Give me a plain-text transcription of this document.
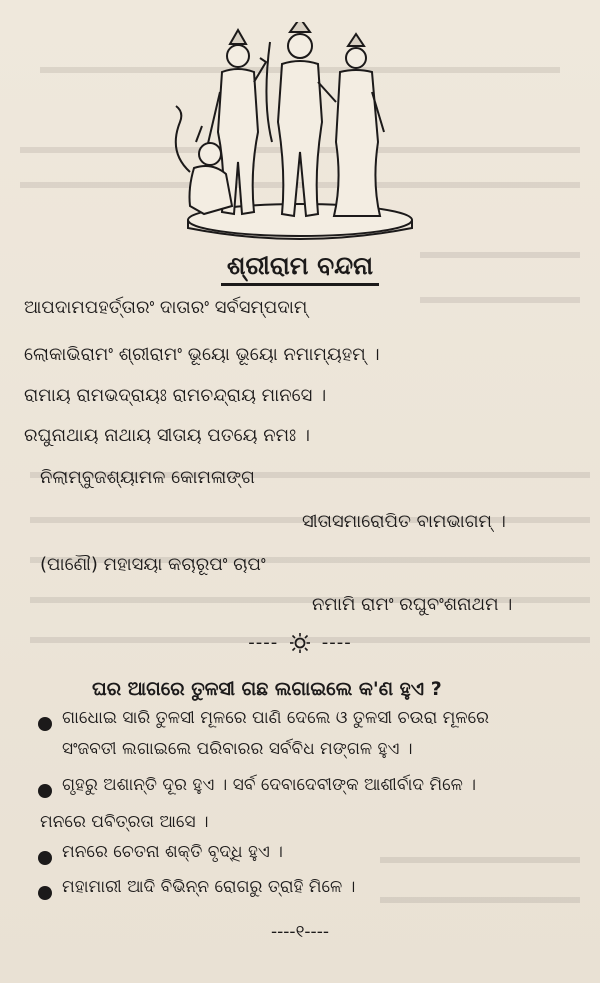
ଶ୍ରୀରାମ ବନ୍ଦନା
ଆପଦାମପହର୍ତ୍ତାରଂ ଦାତାରଂ ସର୍ବସମ୍ପଦାମ୍
ଲୋକାଭିରାମଂ ଶ୍ରୀରାମଂ ଭୂୟୋ ଭୂୟୋ ନମାମ୍ୟହମ୍ ।
ରାମାୟ ରାମଭଦ୍ରାୟଃ ରାମଚନ୍ଦ୍ରାୟ ମାନସେ ।
ରଘୁନାଥାୟ ନାଥାୟ ସୀତାୟ ପତୟେ ନମଃ ।
ନିଲାମ୍ବୁଜଶ୍ୟାମଳ କୋମଳାଙ୍ଗ
ସୀତାସମାରୋପିତ ବାମଭାଗମ୍ ।
(ପାଣୌ) ମହାସୟା କଚାରୂପଂ ଚାପଂ
ନମାମି ରାମଂ ରଘୁବଂଶନାଥମ ।
---- ----
ଘର ଆଗରେ ତୁଳସୀ ଗଛ ଲଗାଇଲେ କ'ଣ ହୁଏ ?
ଗାଧୋଇ ସାରି ତୁଳସୀ ମୂଳରେ ପାଣି ଦେଲେ ଓ ତୁଳସୀ ଚଉରା ମୂଳରେ
ସଂଜବତୀ ଲଗାଇଲେ ପରିବାରର ସର୍ବବିଧ ମଙ୍ଗଳ ହୁଏ ।
ଗୃହରୁ ଅଶାନ୍ତି ଦୂର ହୁଏ । ସର୍ବ ଦେବାଦେବୀଙ୍କ ଆଶୀର୍ବାଦ ମିଳେ ।
ମନରେ ପବିତ୍ରତା ଆସେ ।
ମନରେ ଚେତନା ଶକ୍ତି ବୃଦ୍ଧି ହୁଏ ।
ମହାମାରୀ ଆଦି ବିଭିନ୍ନ ରୋଗରୁ ତ୍ରାହି ମିଳେ ।
----୧----
